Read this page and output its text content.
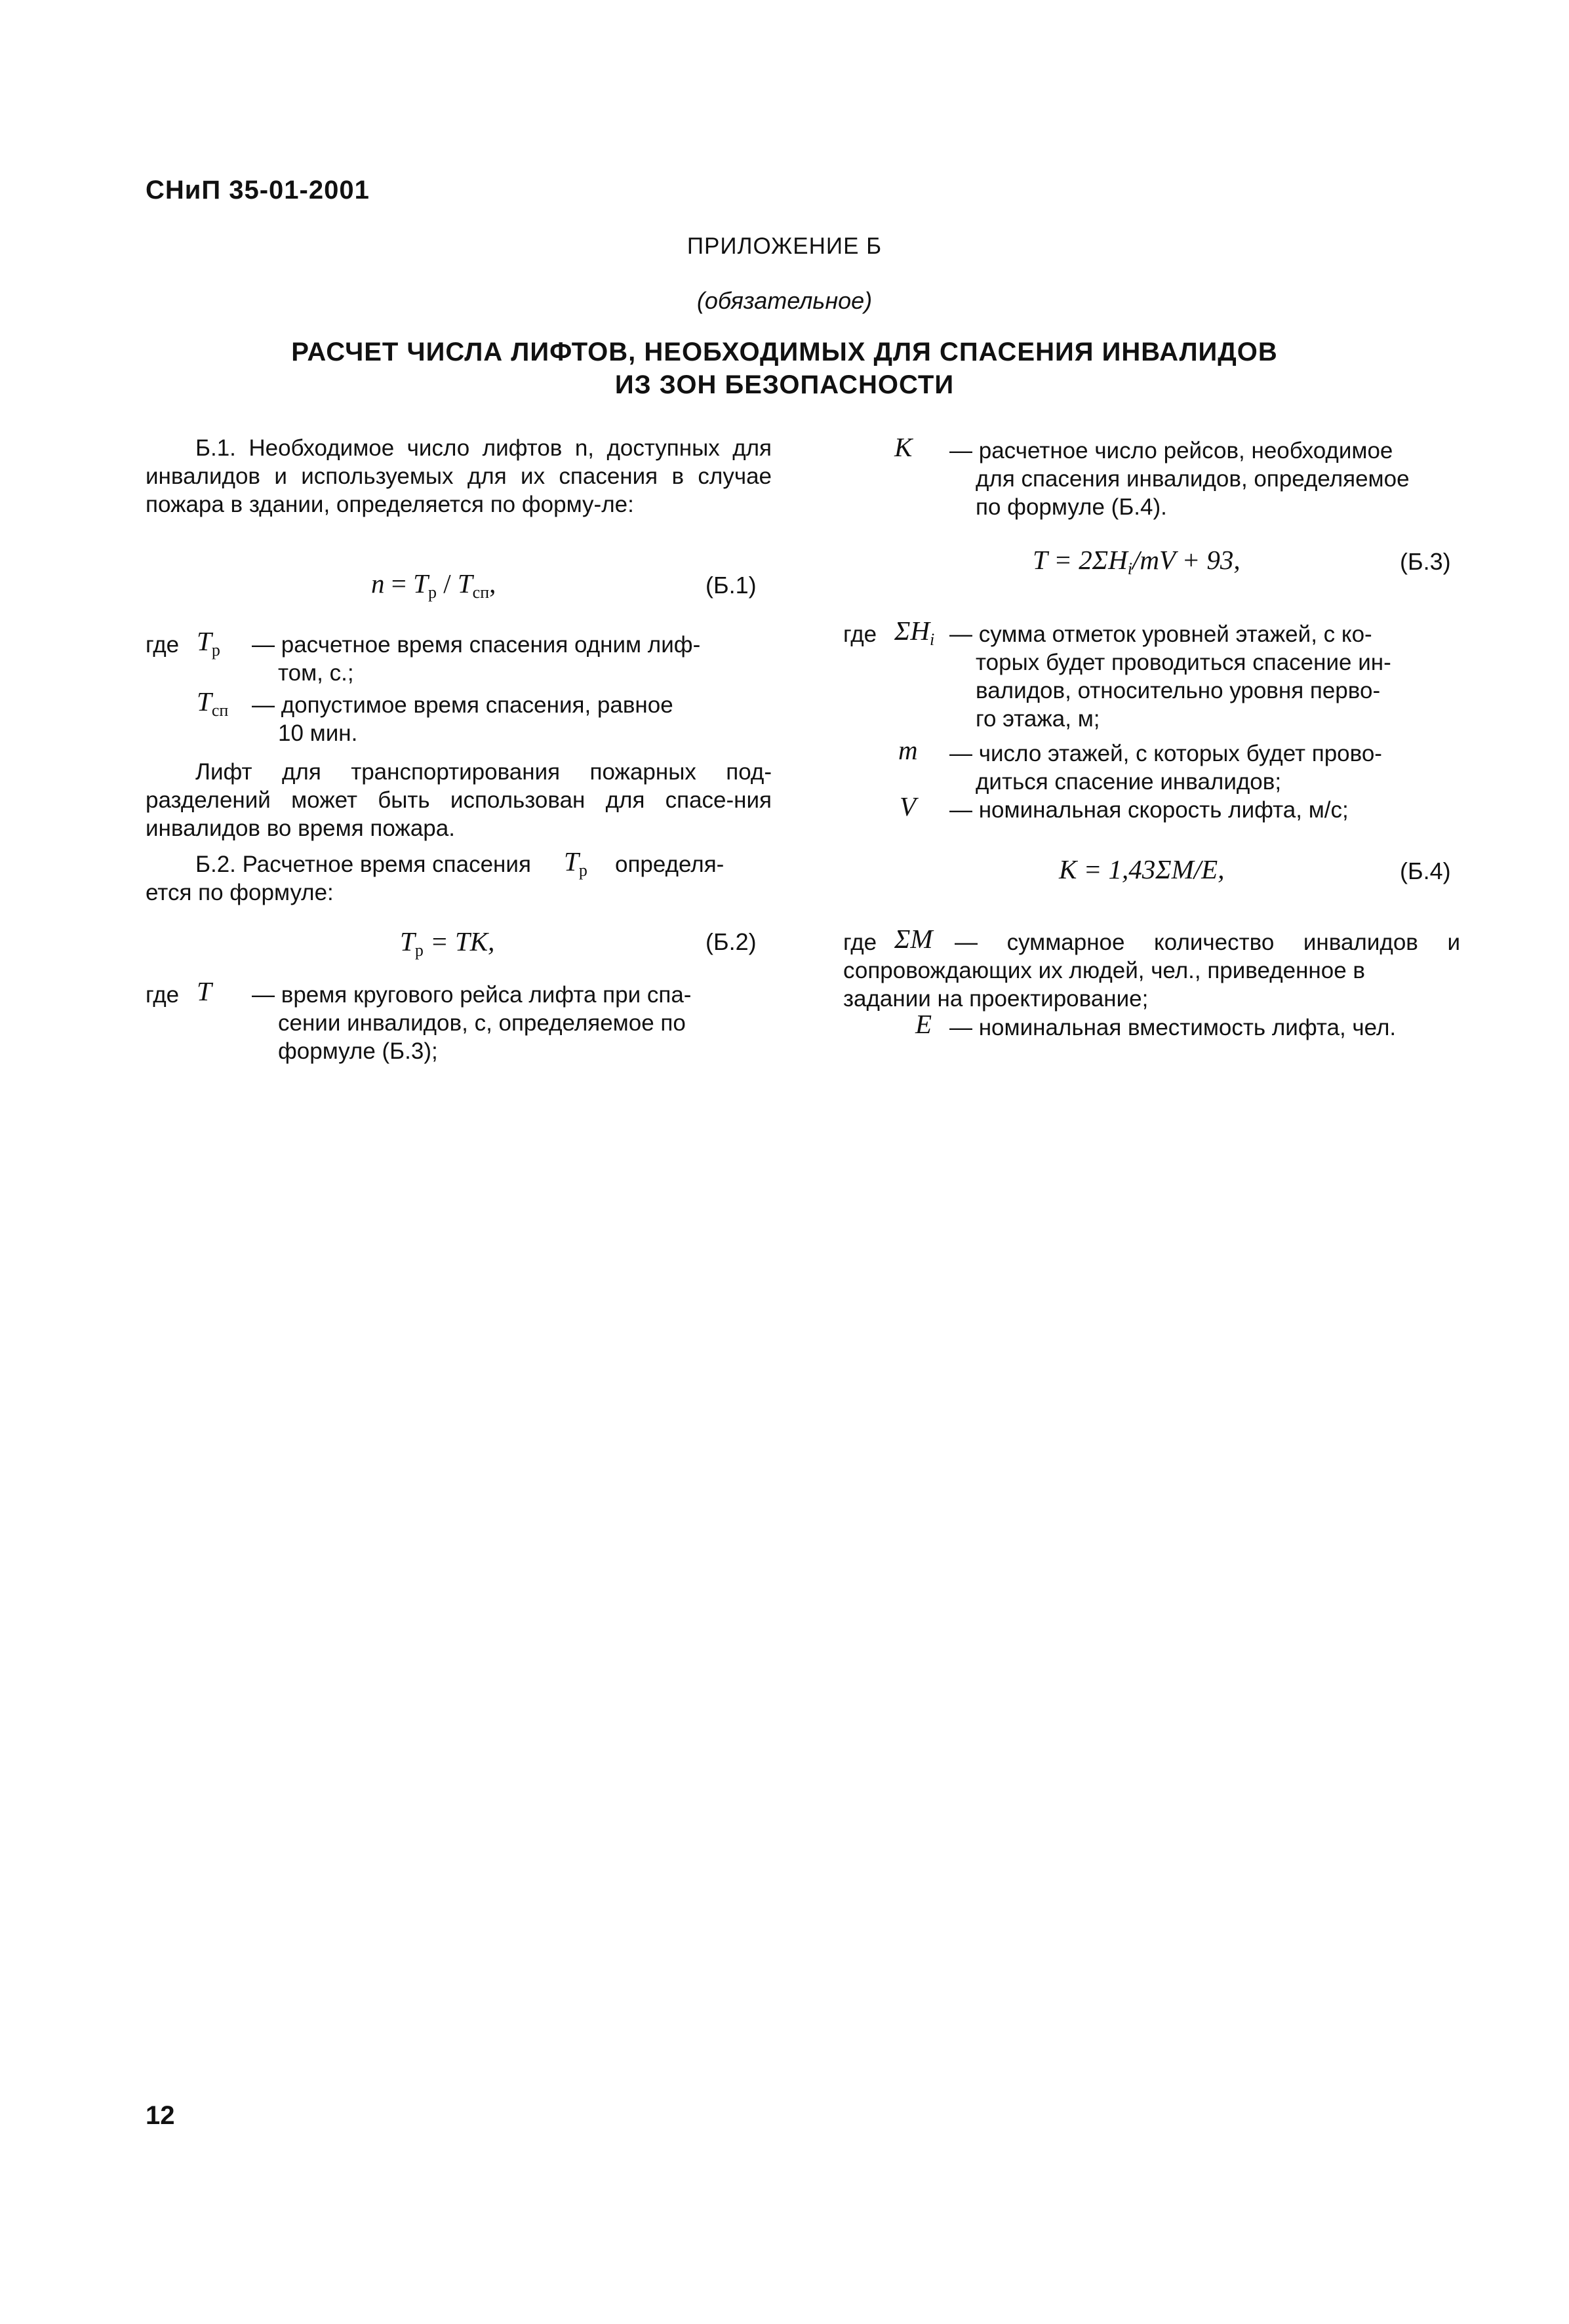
СНиП 35-01-2001
ПРИЛОЖЕНИЕ Б
(обязательное)
РАСЧЕТ ЧИСЛА ЛИФТОВ, НЕОБХОДИМЫХ ДЛЯ СПАСЕНИЯ ИНВАЛИДОВ
ИЗ ЗОН БЕЗОПАСНОСТИ
Б.1. Необходимое число лифтов n, доступных для инвалидов и используемых для их спасения в случае пожара в здании, определяется по форму-ле:
$n = T_р / T_{сп}$,	(Б.1)
где $T_р$ — расчетное время спасения одним лиф-
том, с.;
$T_{сп}$ — допустимое время спасения, равное
10 мин.
Лифт для транспортирования пожарных под-разделений может быть использован для спасе-ния инвалидов во время пожара.
Б.2. Расчетное время спасения $T_р$ определя-
ется по формуле:
$T_р$ = TK,	(Б.2)
где T — время кругового рейса лифта при спа-
сении инвалидов, с, определяемое по
формуле (Б.3);
K — расчетное число рейсов, необходимое
для спасения инвалидов, определяемое
по формуле (Б.4).
$T = 2\Sigma H_i/mV + 93$,	(Б.3)
где $\Sigma H_i$ — сумма отметок уровней этажей, с ко-
торых будет проводиться спасение ин-
валидов, относительно уровня перво-
го этажа, м;
m — число этажей, с которых будет прово-
диться спасение инвалидов;
V — номинальная скорость лифта, м/с;
K = 1,43ΣM/E,	(Б.4)
где ΣM — суммарное количество инвалидов и
сопровождающих их людей, чел., приведенное в
задании на проектирование;
E — номинальная вместимость лифта, чел.
12
